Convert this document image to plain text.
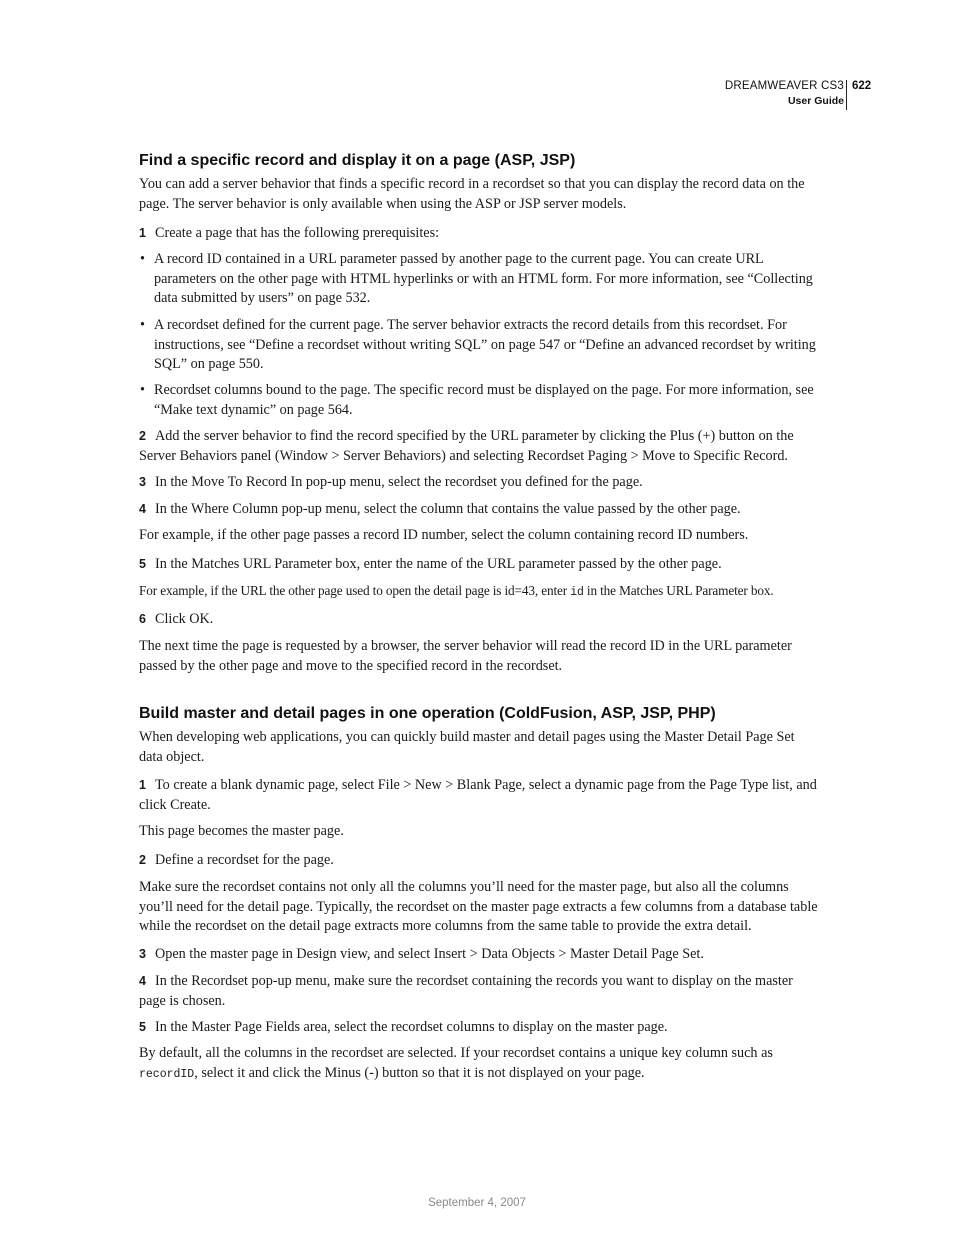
DREAMWEAVER CS3
User Guide
622
Find a specific record and display it on a page (ASP, JSP)

You can add a server behavior that finds a specific record in a recordset so that you can display the record data on the page. The server behavior is only available when using the ASP or JSP server models.

1 Create a page that has the following prerequisites:

• A record ID contained in a URL parameter passed by another page to the current page. You can create URL parameters on the other page with HTML hyperlinks or with an HTML form. For more information, see “Collecting data submitted by users” on page 532.
• A recordset defined for the current page. The server behavior extracts the record details from this recordset. For instructions, see “Define a recordset without writing SQL” on page 547 or “Define an advanced recordset by writing SQL” on page 550.
• Recordset columns bound to the page. The specific record must be displayed on the page. For more information, see “Make text dynamic” on page 564.

2 Add the server behavior to find the record specified by the URL parameter by clicking the Plus (+) button on the Server Behaviors panel (Window > Server Behaviors) and selecting Recordset Paging > Move to Specific Record.

3 In the Move To Record In pop-up menu, select the recordset you defined for the page.

4 In the Where Column pop-up menu, select the column that contains the value passed by the other page.

For example, if the other page passes a record ID number, select the column containing record ID numbers.

5 In the Matches URL Parameter box, enter the name of the URL parameter passed by the other page.

For example, if the URL the other page used to open the detail page is id=43, enter id in the Matches URL Parameter box.

6 Click OK.

The next time the page is requested by a browser, the server behavior will read the record ID in the URL parameter passed by the other page and move to the specified record in the recordset.

Build master and detail pages in one operation (ColdFusion, ASP, JSP, PHP)

When developing web applications, you can quickly build master and detail pages using the Master Detail Page Set data object.

1 To create a blank dynamic page, select File > New > Blank Page, select a dynamic page from the Page Type list, and click Create.

This page becomes the master page.

2 Define a recordset for the page.

Make sure the recordset contains not only all the columns you’ll need for the master page, but also all the columns you’ll need for the detail page. Typically, the recordset on the master page extracts a few columns from a database table while the recordset on the detail page extracts more columns from the same table to provide the extra detail.

3 Open the master page in Design view, and select Insert > Data Objects > Master Detail Page Set.

4 In the Recordset pop-up menu, make sure the recordset containing the records you want to display on the master page is chosen.

5 In the Master Page Fields area, select the recordset columns to display on the master page.

By default, all the columns in the recordset are selected. If your recordset contains a unique key column such as recordID, select it and click the Minus (-) button so that it is not displayed on your page.

September 4, 2007
